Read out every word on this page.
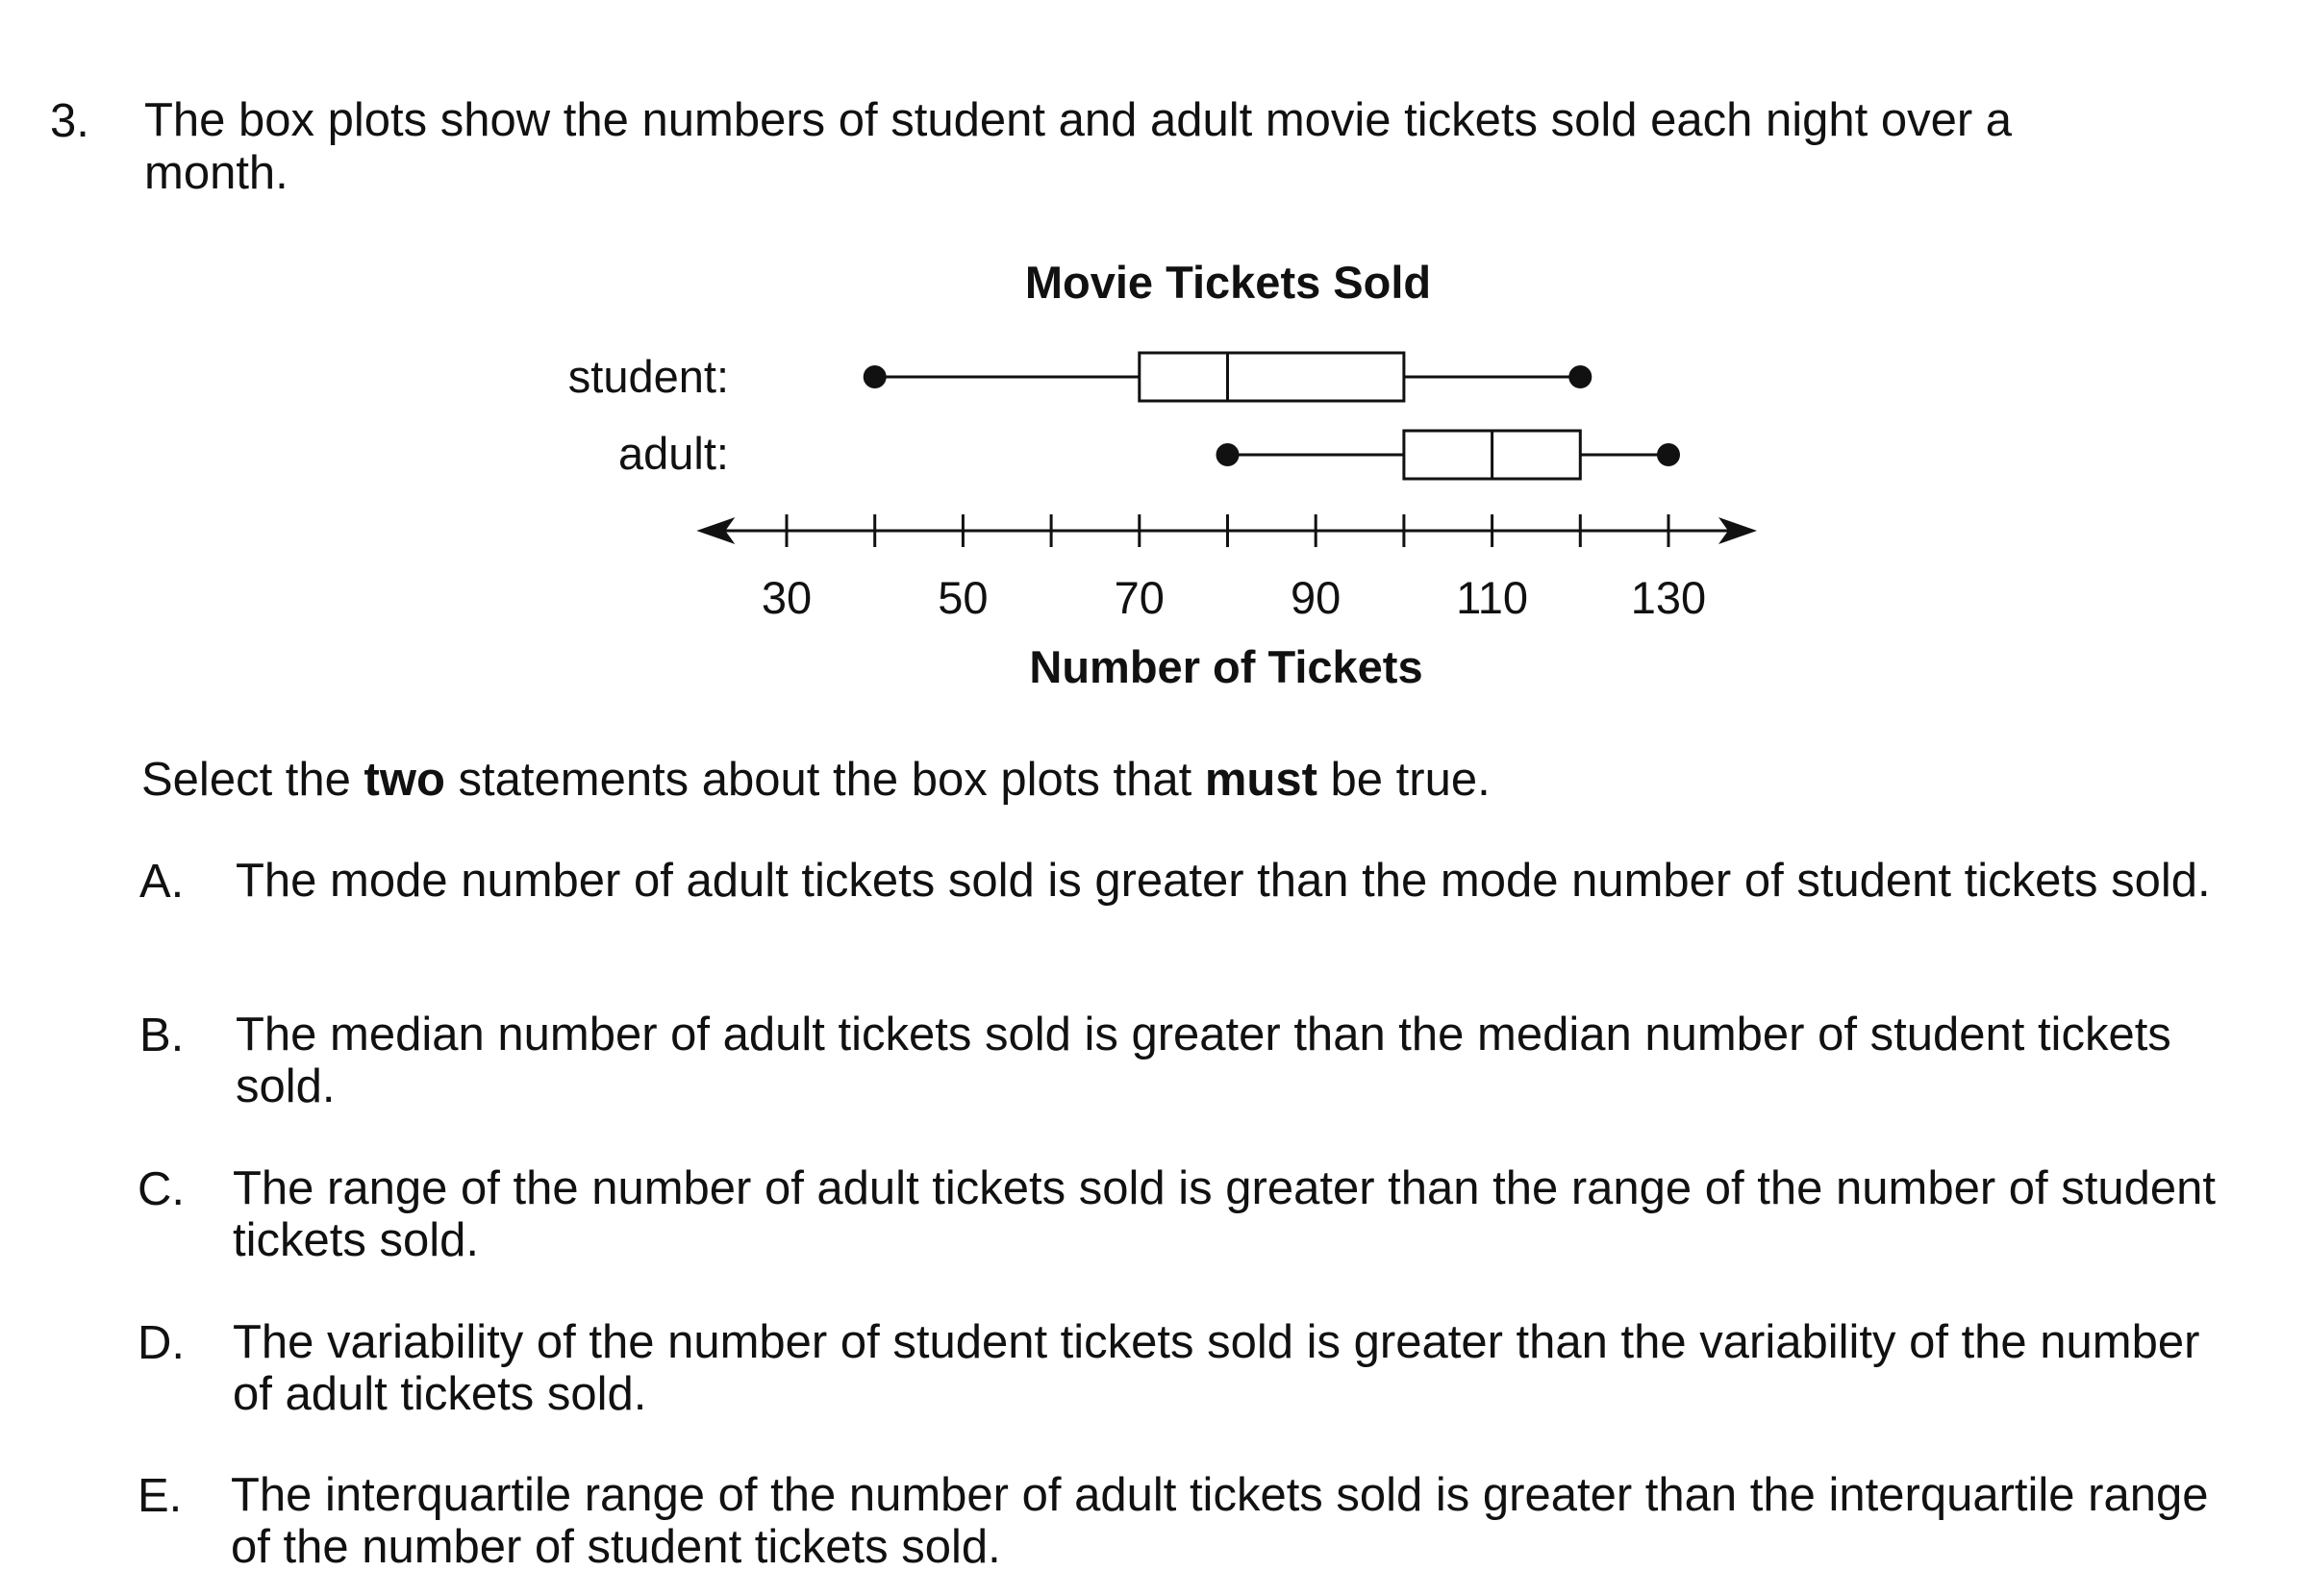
3. The box plots show the numbers of student and adult movie tickets sold each night over a month.
Movie Tickets Sold
student:
adult:
30	50	70	90	110 130
Number of Tickets
Select the two statements about the box plots that must be true.
A. The mode number of adult tickets sold is greater than the mode number of student tickets sold.
B. The median number of adult tickets sold is greater than the median number of student tickets sold.
C. The range of the number of adult tickets sold is greater than the range of the number of student tickets sold.
D. The variability of the number of student tickets sold is greater than the variability of the number of adult tickets sold.
E. The interquartile range of the number of adult tickets sold is greater than the interquartile range of the number of student tickets sold.
